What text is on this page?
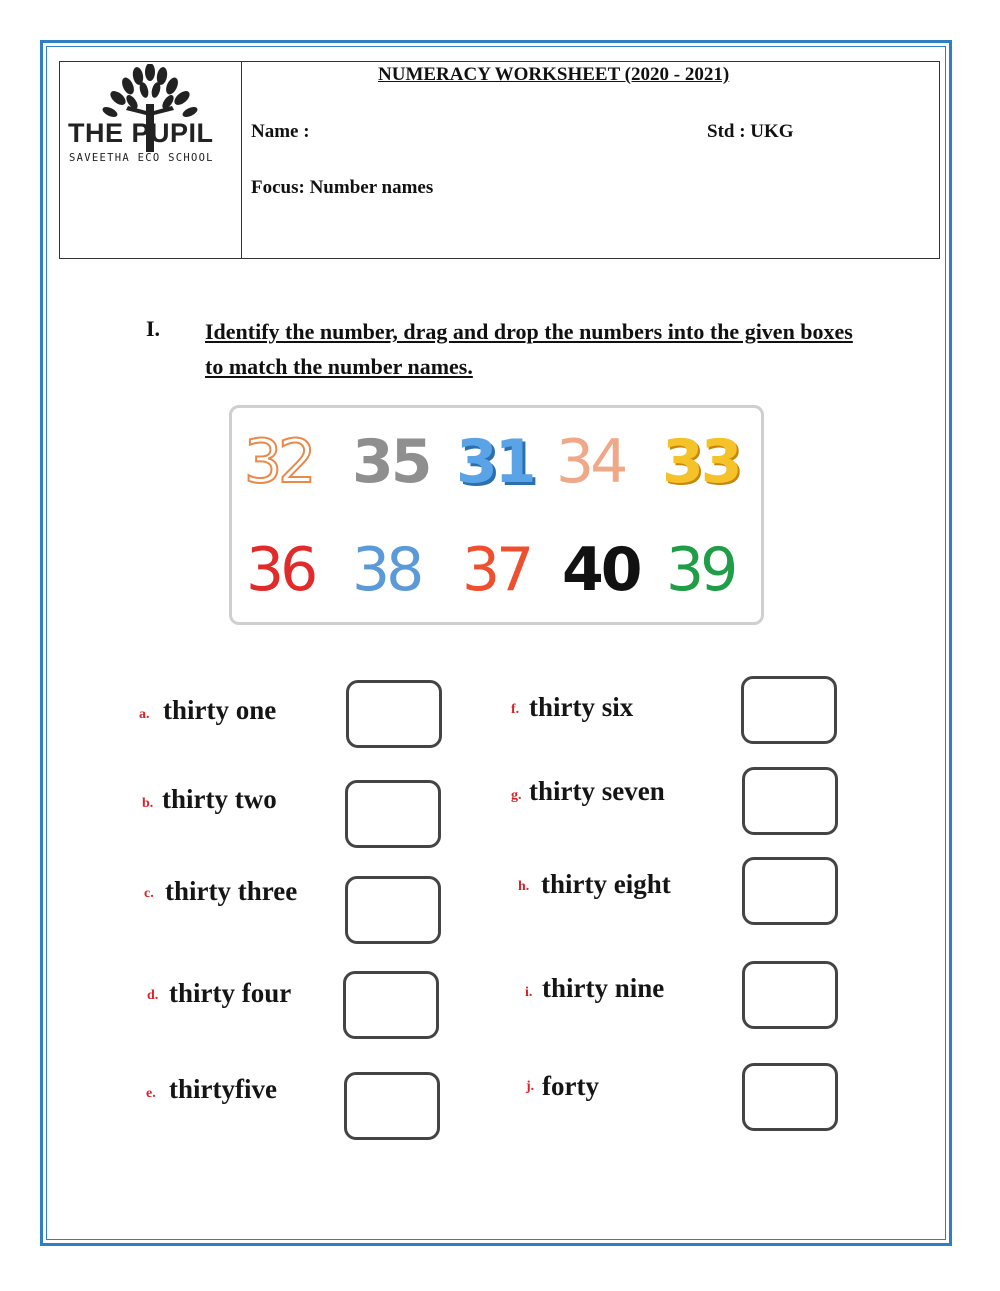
THE PUPIL
SAVEETHA ECO SCHOOL
NUMERACY WORKSHEET (2020 - 2021)
Name :	Std : UKG
Focus: Number names
I. Identify the number, drag and drop the numbers into the given boxes to match the number names.
32 35 31 34 33
36 38 37 40 39
a. thirty one
b. thirty two
c. thirty three
d. thirty four
e. thirtyfive
f. thirty six
g. thirty seven
h. thirty eight
i. thirty nine
j. forty
